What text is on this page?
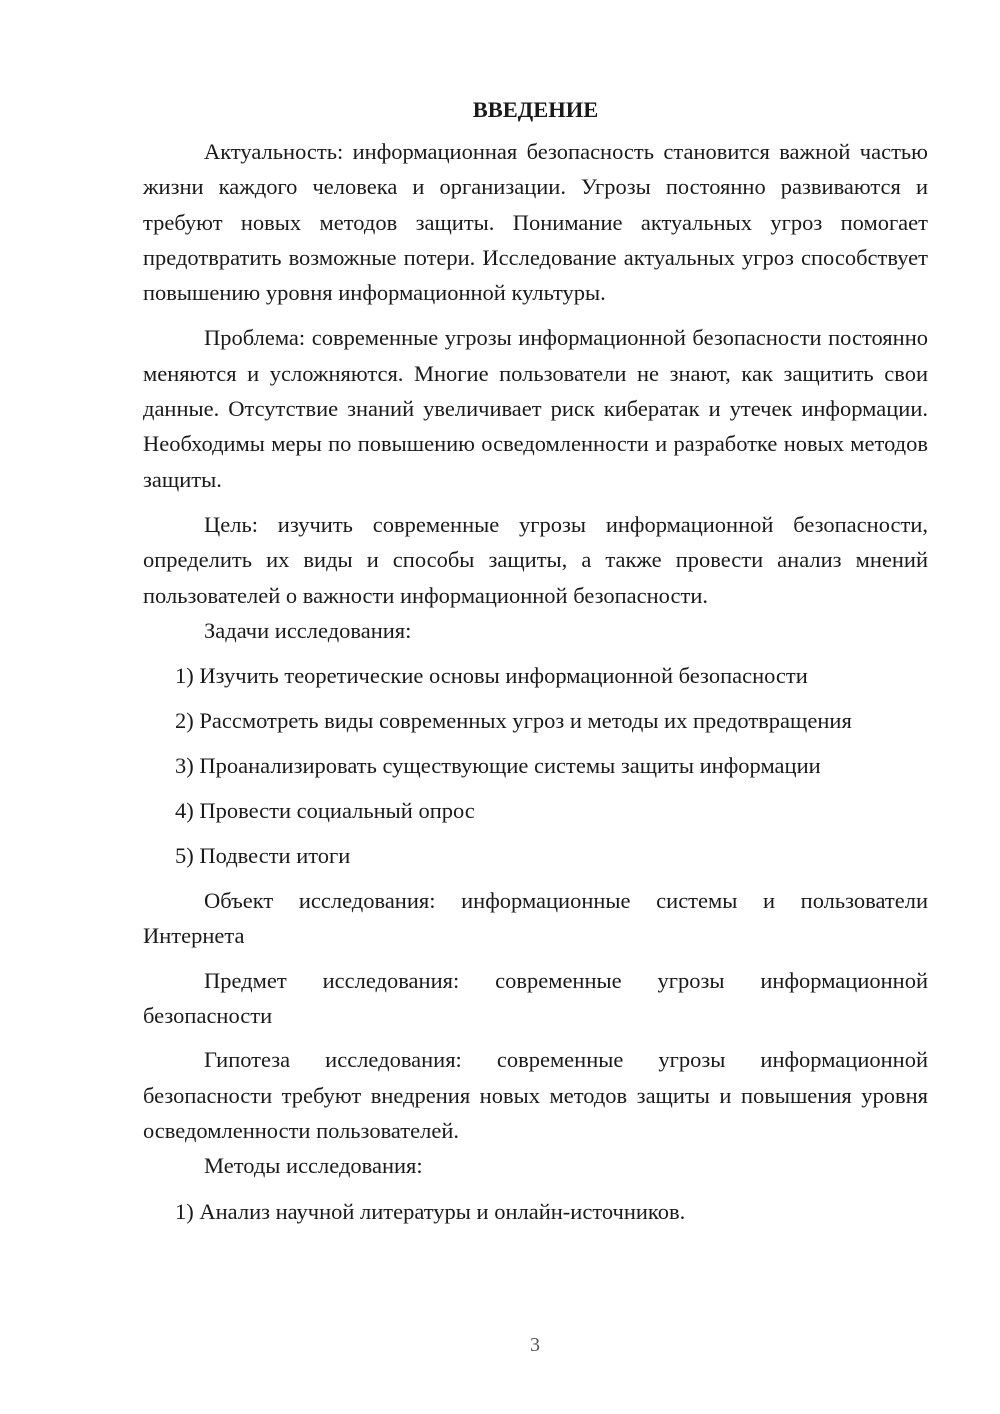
ВВЕДЕНИЕ

Актуальность: информационная безопасность становится важной частью жизни каждого человека и организации. Угрозы постоянно развиваются и требуют новых методов защиты. Понимание актуальных угроз помогает предотвратить возможные потери. Исследование актуальных угроз способствует повышению уровня информационной культуры.

Проблема: современные угрозы информационной безопасности постоянно меняются и усложняются. Многие пользователи не знают, как защитить свои данные. Отсутствие знаний увеличивает риск кибератак и утечек информации. Необходимы меры по повышению осведомленности и разработке новых методов защиты.

Цель: изучить современные угрозы информационной безопасности, определить их виды и способы защиты, а также провести анализ мнений пользователей о важности информационной безопасности.

Задачи исследования:

1) Изучить теоретические основы информационной безопасности

2) Рассмотреть виды современных угроз и методы их предотвращения

3) Проанализировать существующие системы защиты информации

4) Провести социальный опрос

5) Подвести итоги

Объект исследования: информационные системы и пользователи Интернета

Предмет исследования: современные угрозы информационной безопасности

Гипотеза исследования: современные угрозы информационной безопасности требуют внедрения новых методов защиты и повышения уровня осведомленности пользователей.

Методы исследования:

1) Анализ научной литературы и онлайн-источников.

3
